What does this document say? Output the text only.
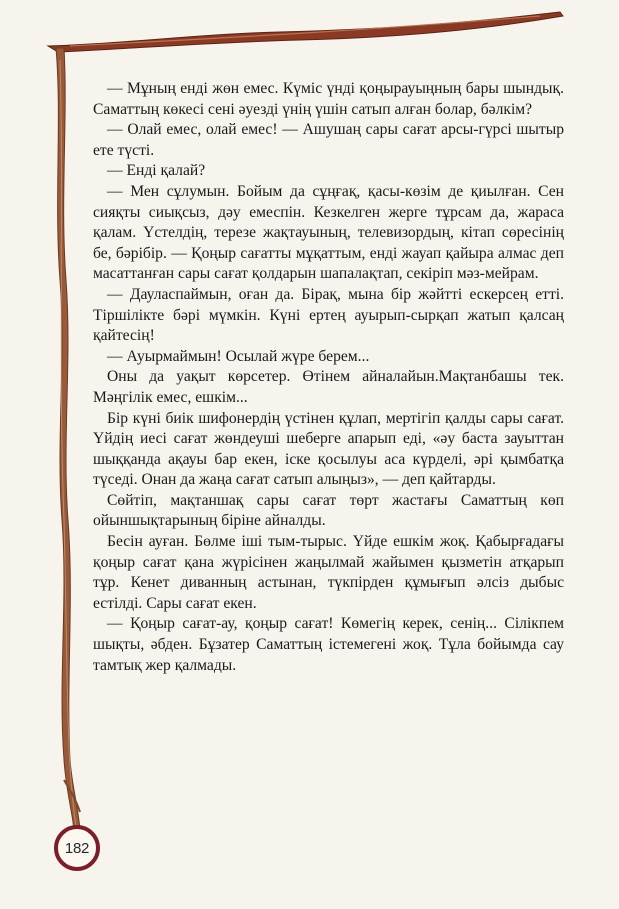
— Мұның енді жөн емес. Күміс үнді қоңырауыңның бары шындық. Саматтың көкесі сені әуезді үнің үшін сатып алған болар, бәлкім?

— Олай емес, олай емес! — Ашушаң сары сағат арсы-гүрсі шытыр ете түсті.

— Енді қалай?

— Мен сұлумын. Бойым да сұңғақ, қасы-көзім де қиылған. Сен сияқты сиықсыз, дәу емеспін. Кезкелген жерге тұрсам да, жараса қалам. Үстелдің, терезе жақтауының, телевизордың, кітап сөресінің бе, бәрібір. — Қоңыр сағатты мұқаттым, енді жауап қайыра алмас деп масаттанған сары сағат қолдарын шапалақтап, секіріп мәз-мейрам.

— Дауласпаймын, оған да. Бірақ, мына бір жәйтті ескерсең етті. Тіршілікте бәрі мүмкін. Күні ертең ауырып-сырқап жатып қалсаң қайтесің!

— Ауырмаймын! Осылай жүре берем...

Оны да уақыт көрсетер. Өтінем айналайын.Мақтанбашы тек. Мәңгілік емес, ешкім...

Бір күні биік шифонердің үстінен құлап, мертігіп қалды сары сағат. Үйдің иесі сағат жөндеуші шеберге апарып еді, «әу баста зауыттан шыққанда ақауы бар екен, іске қосылуы аса күрделі, әрі қымбатқа түседі. Онан да жаңа сағат сатып алыңыз», — деп қайтарды.

Сөйтіп, мақтаншақ сары сағат төрт жастағы Саматтың көп ойыншықтарының біріне айналды.

Бесін ауған. Бөлме іші тым-тырыс. Үйде ешкім жоқ. Қабырғадағы қоңыр сағат қана жүрісінен жаңылмай жайымен қызметін атқарып тұр. Кенет диванның астынан, түкпірден құмығып әлсіз дыбыс естілді. Сары сағат екен.

— Қоңыр сағат-ау, қоңыр сағат! Көмегің керек, сенің... Сілікпем шықты, әбден. Бұзатер Саматтың істемегені жоқ. Тұла бойымда сау тамтық жер қалмады.

182
